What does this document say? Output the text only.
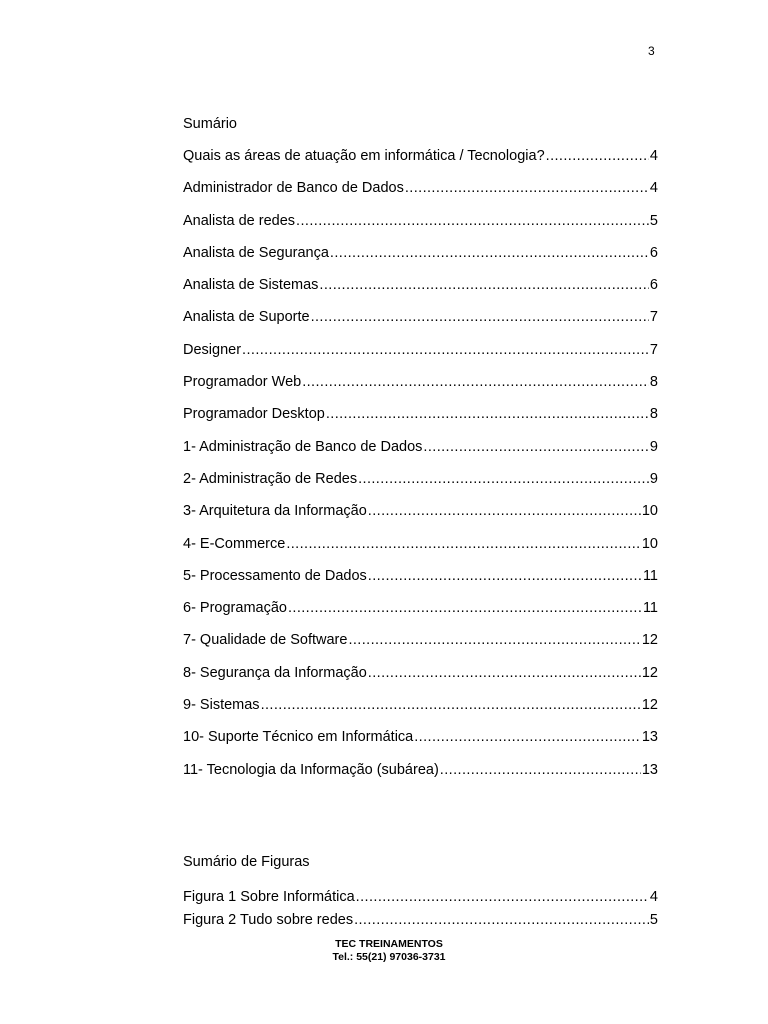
3
Sumário
Quais as áreas de atuação em informática / Tecnologia? .....	4
Administrador de Banco de Dados .....	4
Analista de redes .....	5
Analista de Segurança .....	6
Analista de Sistemas .....	6
Analista de Suporte .....	7
Designer .....	7
Programador Web .....	8
Programador Desktop .....	8
1- Administração de Banco de Dados .....	9
2- Administração de Redes .....	9
3- Arquitetura da Informação .....	10
4- E-Commerce .....	10
5- Processamento de Dados .....	11
6- Programação .....	11
7- Qualidade de Software .....	12
8- Segurança da Informação .....	12
9- Sistemas .....	12
10- Suporte Técnico em Informática .....	13
11- Tecnologia da Informação (subárea) .....	13
Sumário de Figuras
Figura 1 Sobre Informática .....	4
Figura 2 Tudo sobre redes .....	5
TEC TREINAMENTOS
Tel.: 55(21) 97036-3731
